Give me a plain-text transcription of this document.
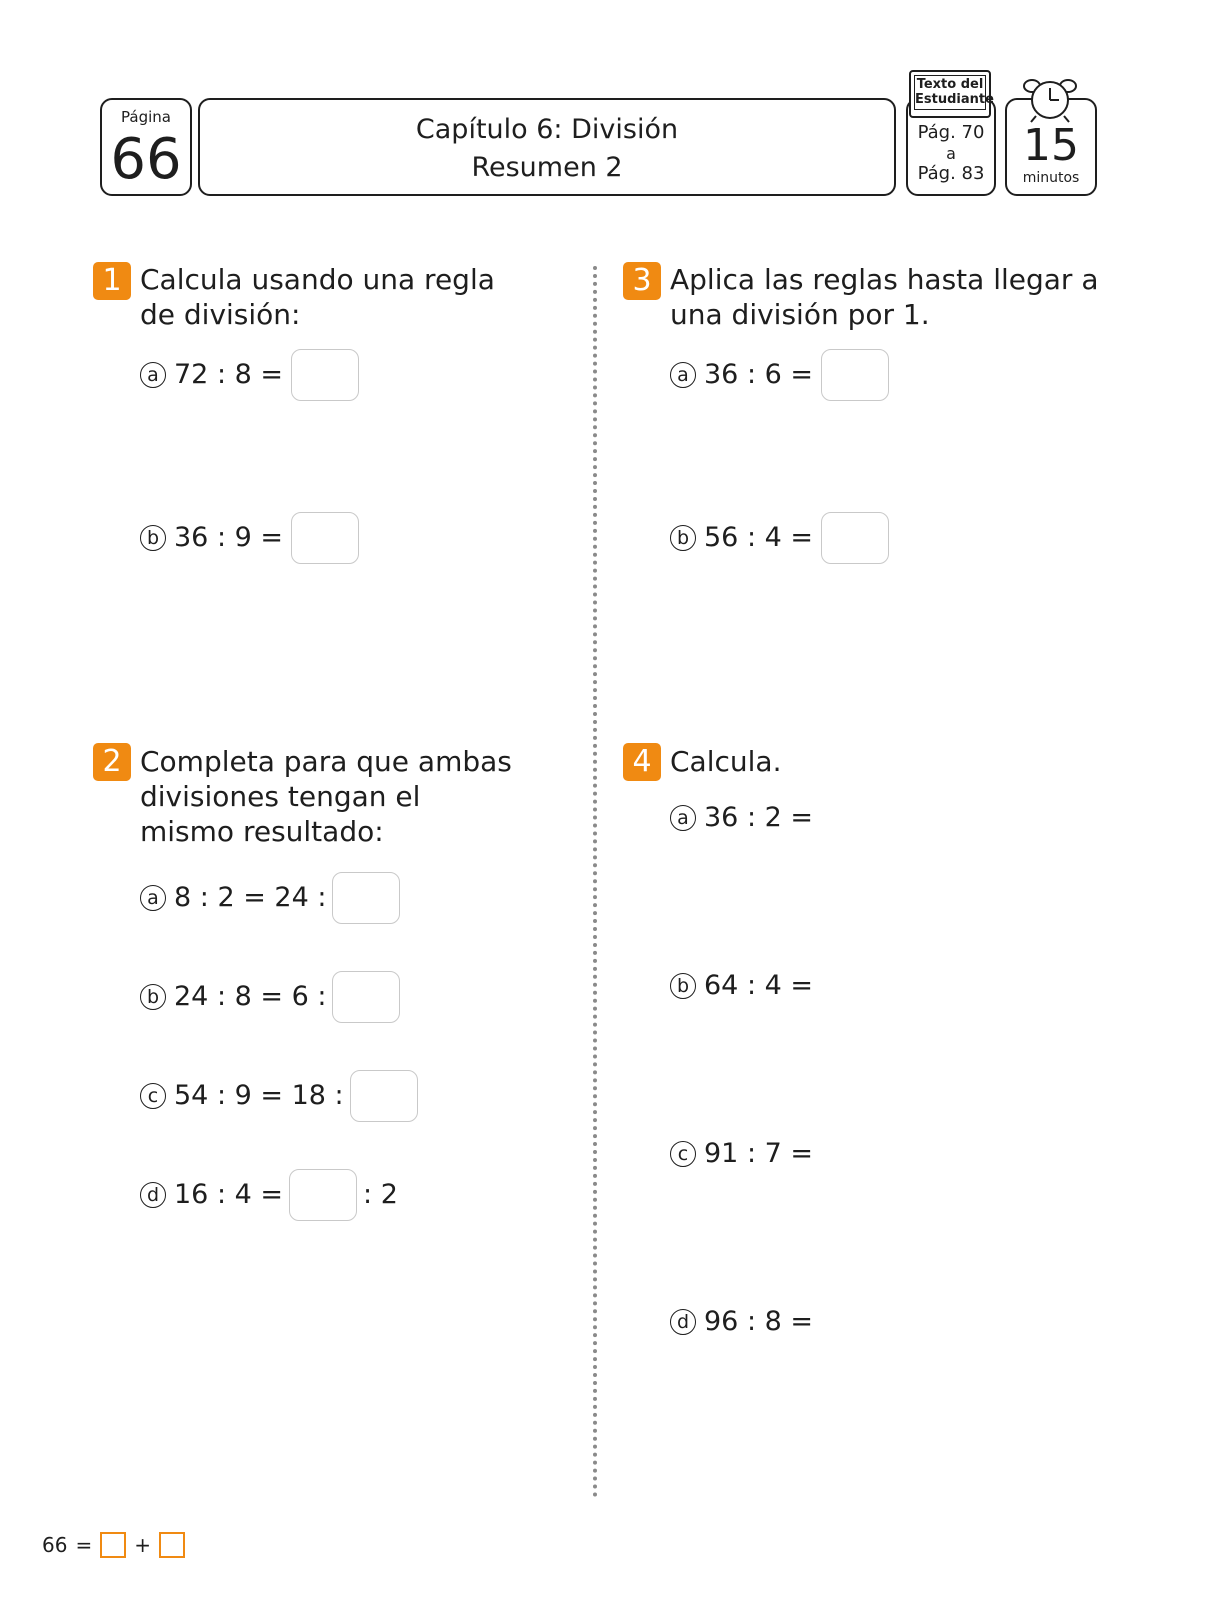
Página
66	Capítulo 6: División
Resumen 2
Pág. 70
a
Pág. 83
Texto del Estudiante
15
minutos
1 Calcula usando una regla
de división:
a 72 : 8 =
b 36 : 9 =
2 Completa para que ambas
divisiones tengan el
mismo resultado:
a 8 : 2 = 24 :
b 24 : 8 = 6 :
c 54 : 9 = 18 :
d 16 : 4 =	: 2
3 Aplica las reglas hasta llegar a
una división por 1.
a 36 : 6 =
b 56 : 4 =
4 Calcula.
a 36 : 2 =
b 64 : 4 =
c 91 : 7 =
d 96 : 8 =
66 = +
